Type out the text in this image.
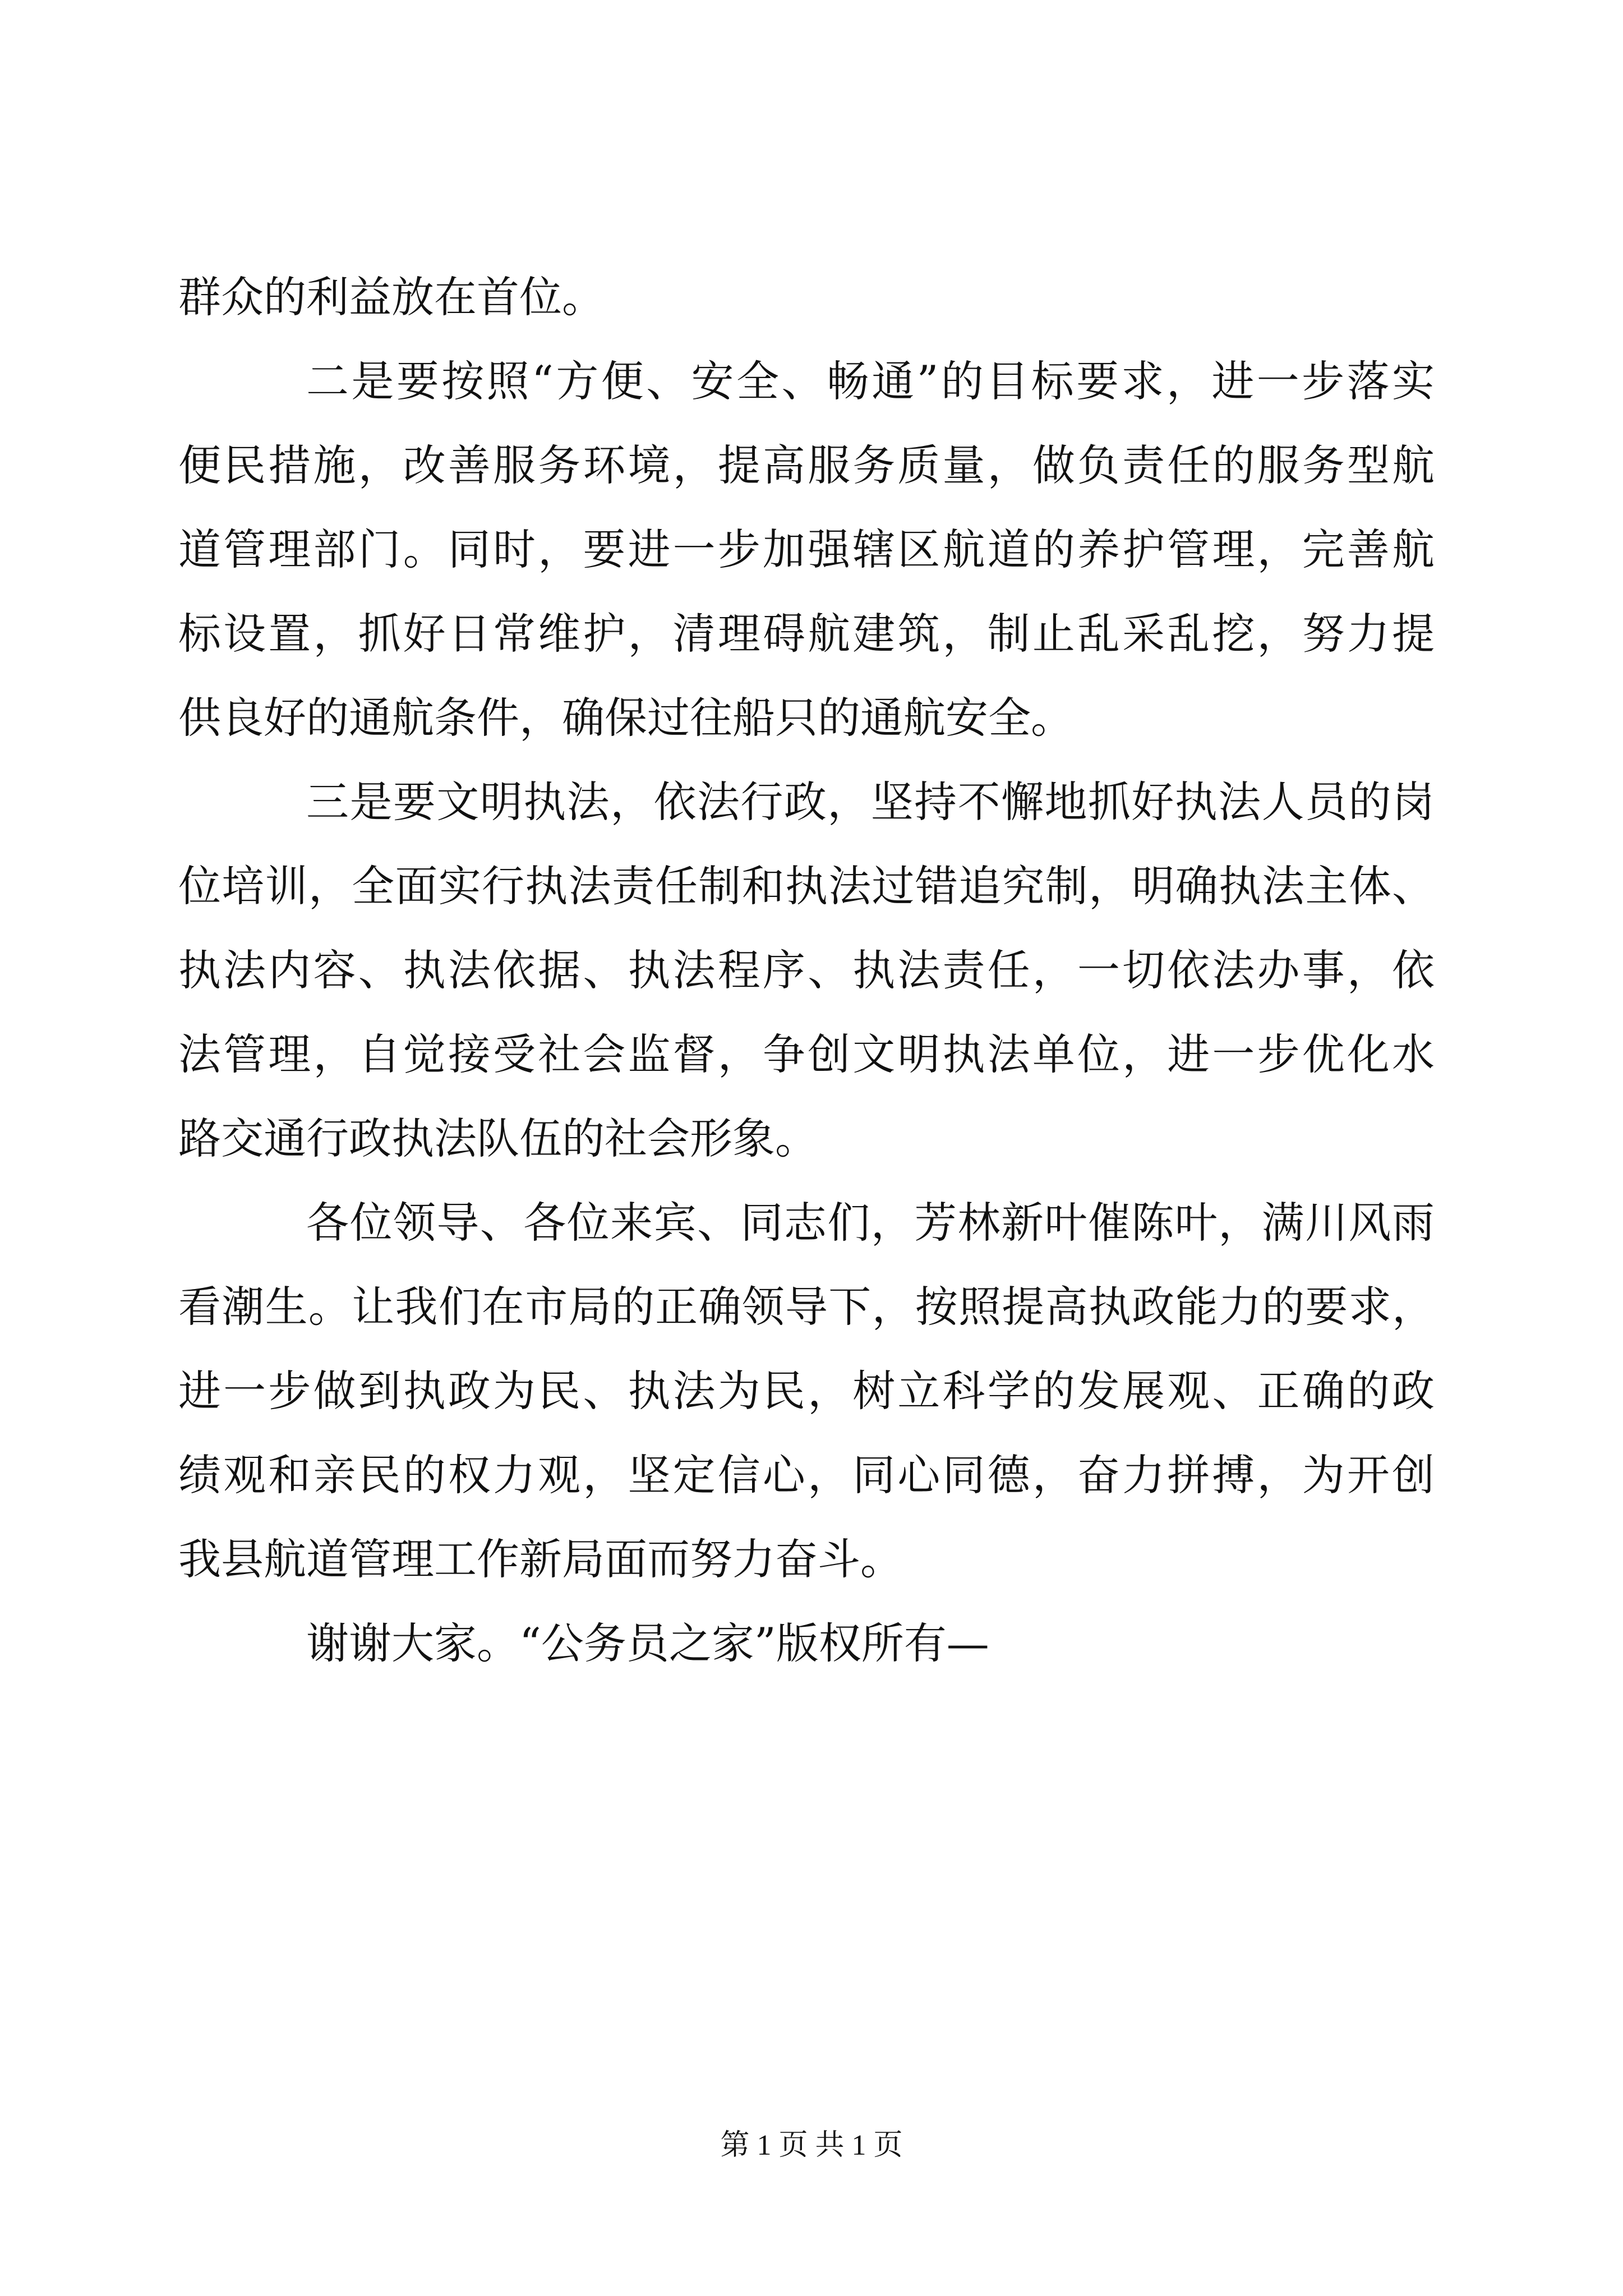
群众的利益放在首位。
二是要按照“方便、安全、畅通”的目标要求，进一步落实
便民措施，改善服务环境，提高服务质量，做负责任的服务型航
道管理部门。同时，要进一步加强辖区航道的养护管理，完善航
标设置，抓好日常维护，清理碍航建筑，制止乱采乱挖，努力提
供良好的通航条件，确保过往船只的通航安全。
三是要文明执法，依法行政，坚持不懈地抓好执法人员的岗
位培训，全面实行执法责任制和执法过错追究制，明确执法主体、
执法内容、执法依据、执法程序、执法责任，一切依法办事，依
法管理，自觉接受社会监督，争创文明执法单位，进一步优化水
路交通行政执法队伍的社会形象。
各位领导、各位来宾、同志们，芳林新叶催陈叶，满川风雨
看潮生。让我们在市局的正确领导下，按照提高执政能力的要求，
进一步做到执政为民、执法为民，树立科学的发展观、正确的政
绩观和亲民的权力观，坚定信心，同心同德，奋力拼搏，为开创
我县航道管理工作新局面而努力奋斗。
谢谢大家。“公务员之家”版权所有—
第 1 页 共 1 页
